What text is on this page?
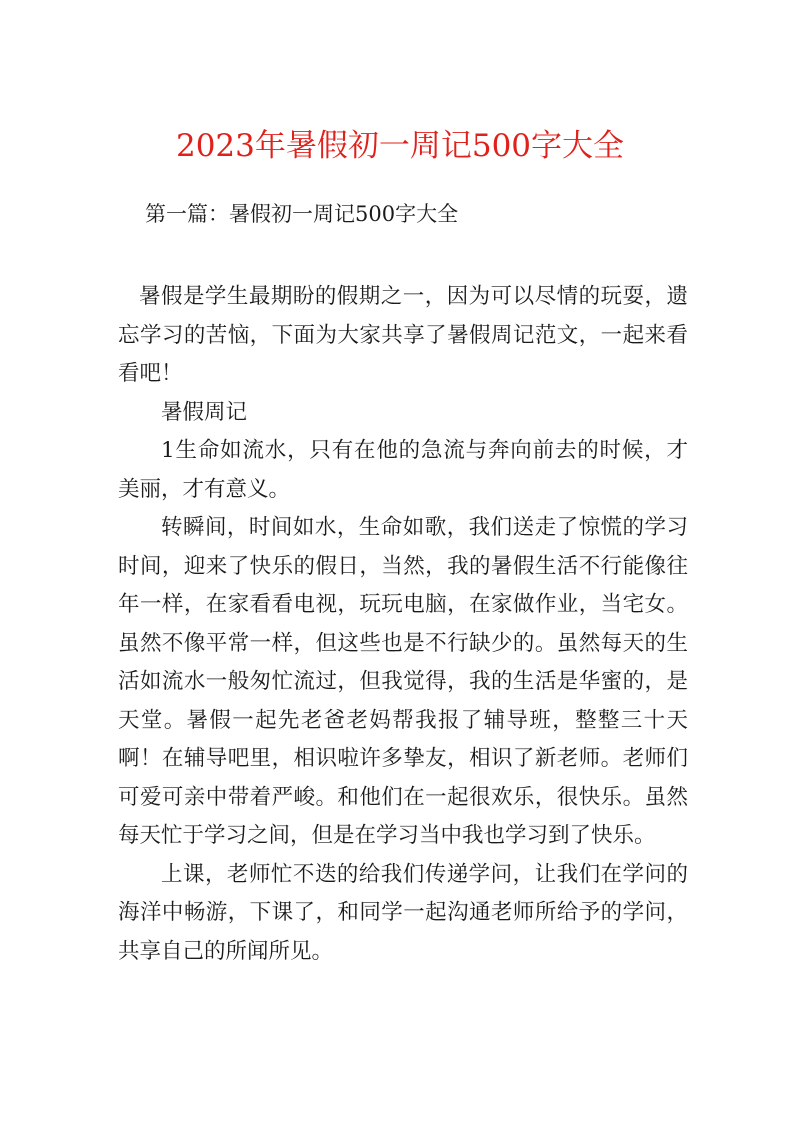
2023年暑假初一周记500字大全
第一篇：暑假初一周记500字大全

暑假是学生最期盼的假期之一，因为可以尽情的玩耍，遗忘学习的苦恼，下面为大家共享了暑假周记范文，一起来看看吧！

暑假周记

1生命如流水，只有在他的急流与奔向前去的时候，才美丽，才有意义。

转瞬间，时间如水，生命如歌，我们送走了惊慌的学习时间，迎来了快乐的假日，当然，我的暑假生活不行能像往年一样，在家看看电视，玩玩电脑，在家做作业，当宅女。虽然不像平常一样，但这些也是不行缺少的。虽然每天的生活如流水一般匆忙流过，但我觉得，我的生活是华蜜的，是天堂。暑假一起先老爸老妈帮我报了辅导班，整整三十天啊！在辅导吧里，相识啦许多挚友，相识了新老师。老师们可爱可亲中带着严峻。和他们在一起很欢乐，很快乐。虽然每天忙于学习之间，但是在学习当中我也学习到了快乐。

上课，老师忙不迭的给我们传递学问，让我们在学问的海洋中畅游，下课了，和同学一起沟通老师所给予的学问，共享自己的所闻所见。
